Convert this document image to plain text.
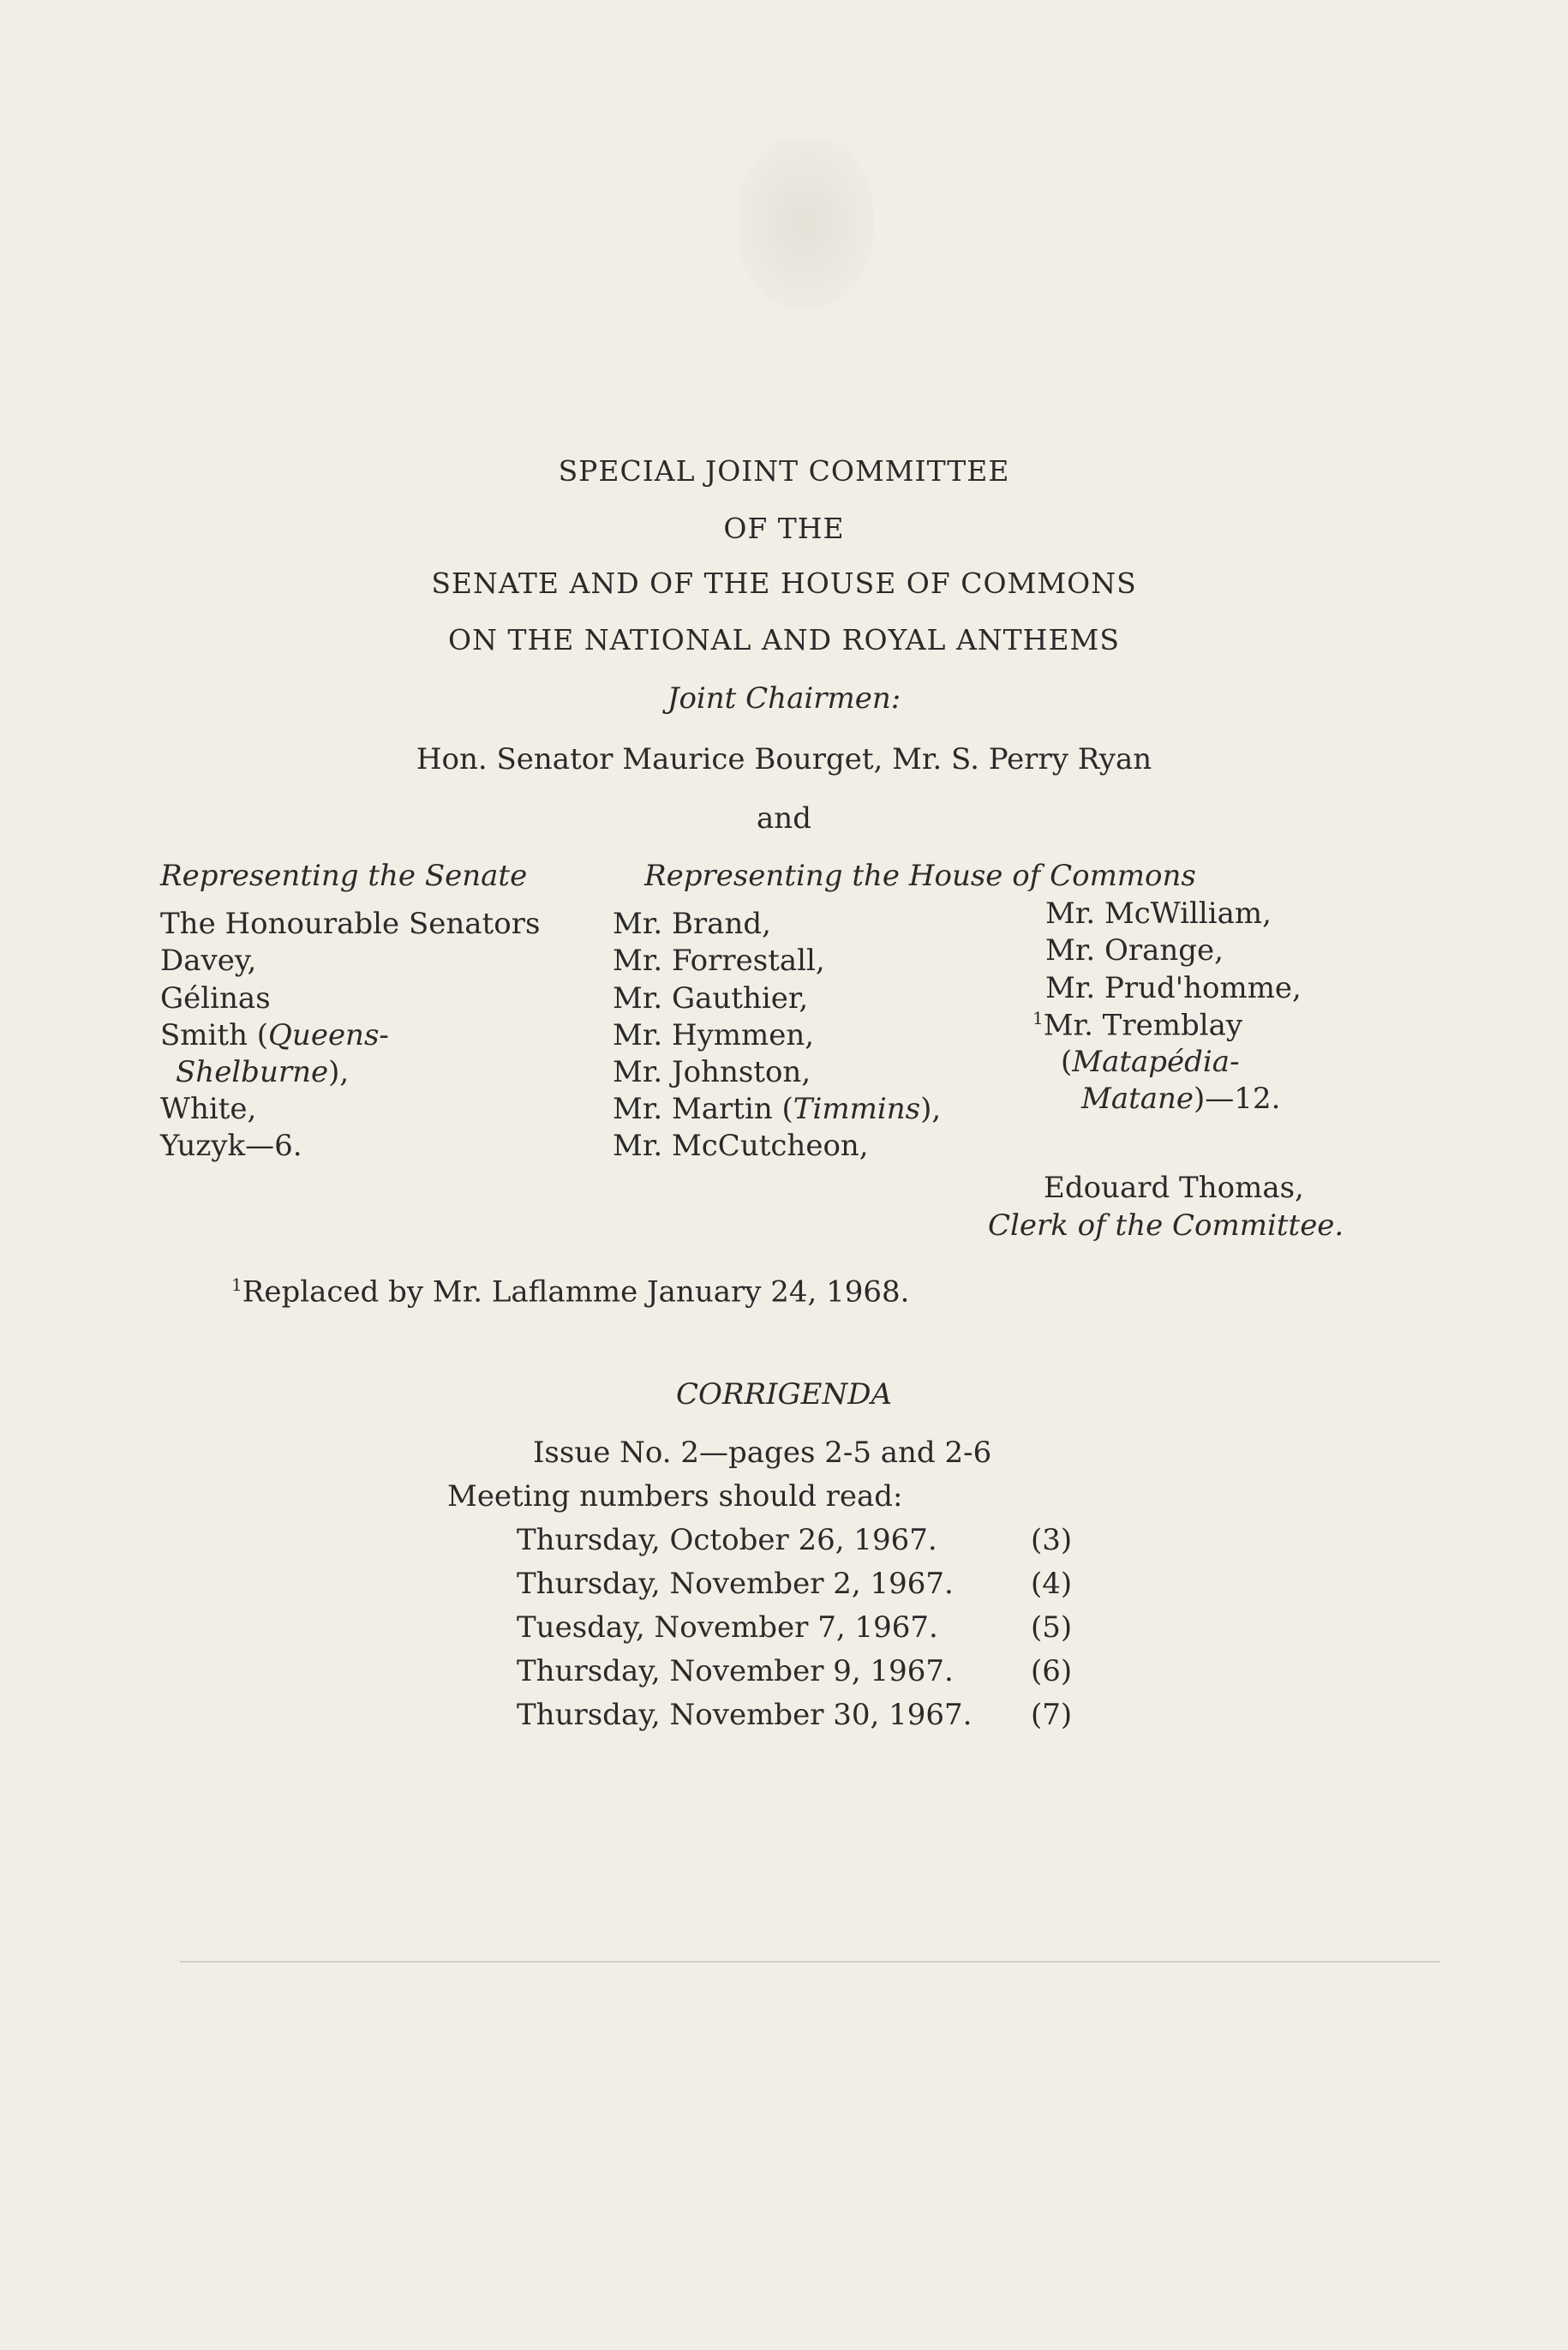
SPECIAL JOINT COMMITTEE
OF THE
SENATE AND OF THE HOUSE OF COMMONS
ON THE NATIONAL AND ROYAL ANTHEMS
Joint Chairmen:
Hon. Senator Maurice Bourget, Mr. S. Perry Ryan
and
Representing the Senate
The Honourable Senators
Davey,
Gélinas
Smith (Queens-
Shelburne),
White,
Yuzyk—6.
Representing the House of Commons
Mr. Brand,
Mr. Forrestall,
Mr. Gauthier,
Mr. Hymmen,
Mr. Johnston,
Mr. Martin (Timmins),
Mr. McCutcheon,
Mr. McWilliam,
Mr. Orange,
Mr. Prud'homme,
$^1$Mr. Tremblay
(Matapédia-
Matane)—12.
Edouard Thomas,
Clerk of the Committee.
$^1$Replaced by Mr. Laflamme January 24, 1968.
CORRIGENDA
Issue No. 2—pages 2-5 and 2-6
Meeting numbers should read:
Thursday, October 26, 1967.	(3)
Thursday, November 2, 1967.	(4)
Tuesday, November 7, 1967.	(5)
Thursday, November 9, 1967.	(6)
Thursday, November 30, 1967. (7)
